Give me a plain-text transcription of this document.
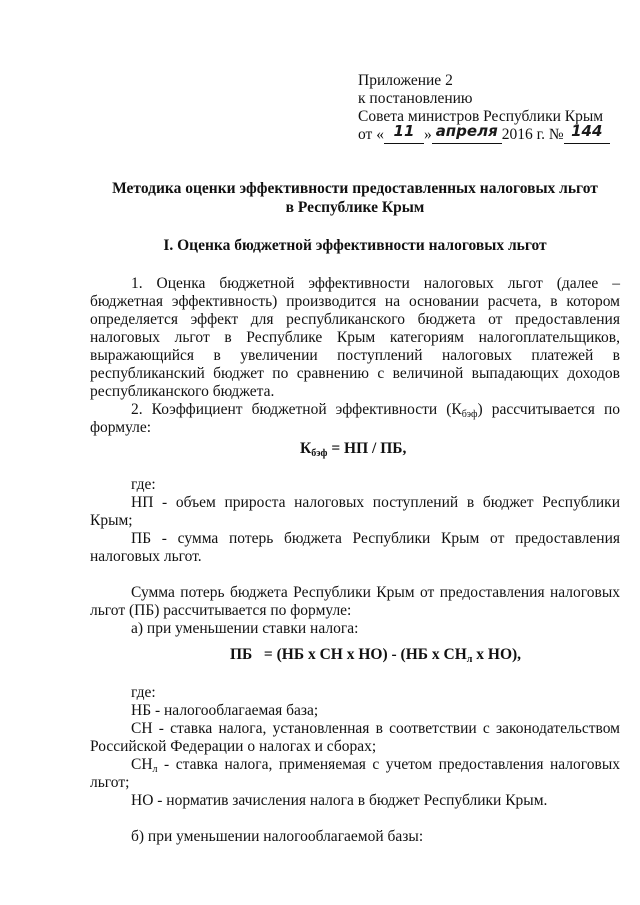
Приложение 2
к постановлению
Совета министров Республики Крым
от « 11 » апреля 2016 г. № 144
Методика оценки эффективности предоставленных налоговых льгот
в Республике Крым
I. Оценка бюджетной эффективности налоговых льгот
1. Оценка бюджетной эффективности налоговых льгот (далее –
бюджетная эффективность) производится на основании расчета, в котором
определяется эффект для республиканского бюджета от предоставления
налоговых льгот в Республике Крым категориям налогоплательщиков,
выражающийся в увеличении поступлений налоговых платежей в
республиканский бюджет по сравнению с величиной выпадающих доходов
республиканского бюджета.
2. Коэффициент бюджетной эффективности $(К_{бэф})$ рассчитывается по
формуле:
$К_{бэф}$ = НП / ПБ,
где:
НП - объем прироста налоговых поступлений в бюджет Республики
Крым;
ПБ - сумма потерь бюджета Республики Крым от предоставления
налоговых льгот.
Сумма потерь бюджета Республики Крым от предоставления налоговых
льгот (ПБ) рассчитывается по формуле:
а) при уменьшении ставки налога:
ПБ   = (НБ х СН х НО) - (НБ х $СН_л$ х НО),
где:
НБ - налогооблагаемая база;
СН - ставка налога, установленная в соответствии с законодательством
Российской Федерации о налогах и сборах;
$СН_л$ - ставка налога, применяемая с учетом предоставления налоговых
льгот;
НО - норматив зачисления налога в бюджет Республики Крым.
б) при уменьшении налогооблагаемой базы:
